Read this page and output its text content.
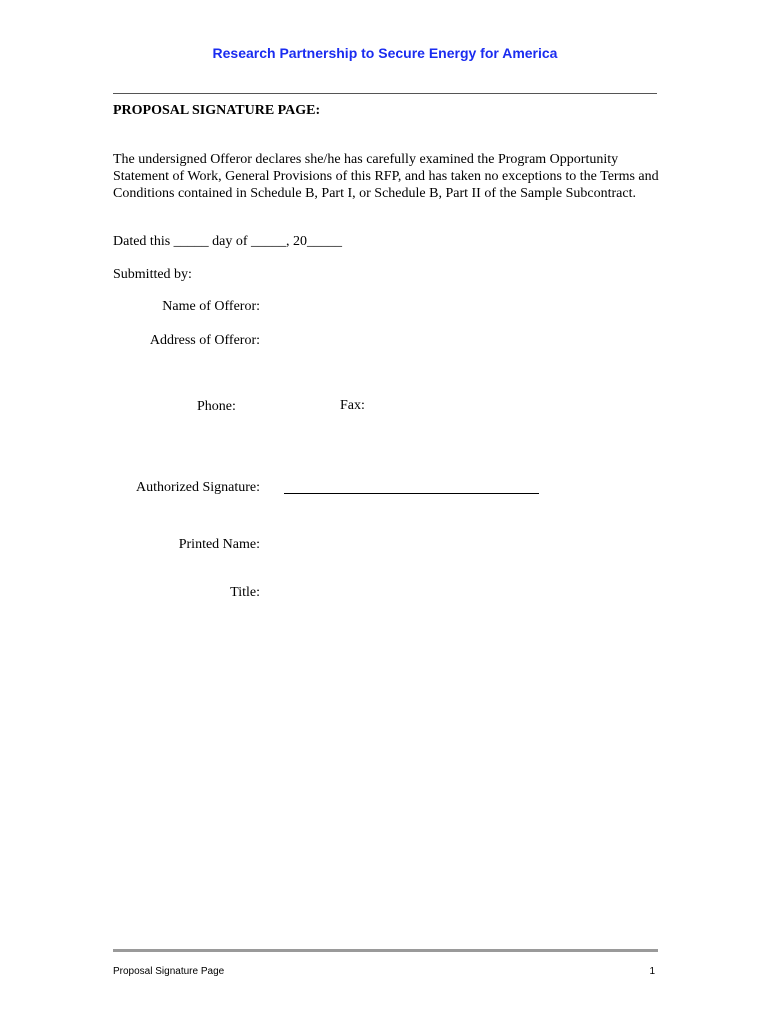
Research Partnership to Secure Energy for America
PROPOSAL SIGNATURE PAGE:
The undersigned Offeror declares she/he has carefully examined the Program Opportunity Statement of Work, General Provisions of this RFP, and has taken no exceptions to the Terms and Conditions contained in Schedule B, Part I, or Schedule B, Part II of the Sample Subcontract.
Dated this _____ day of _____, 20_____
Submitted by:
Name of Offeror:
Address of Offeror:
Phone:	Fax:
Authorized Signature:
Printed Name:
Title:
Proposal Signature Page	1
